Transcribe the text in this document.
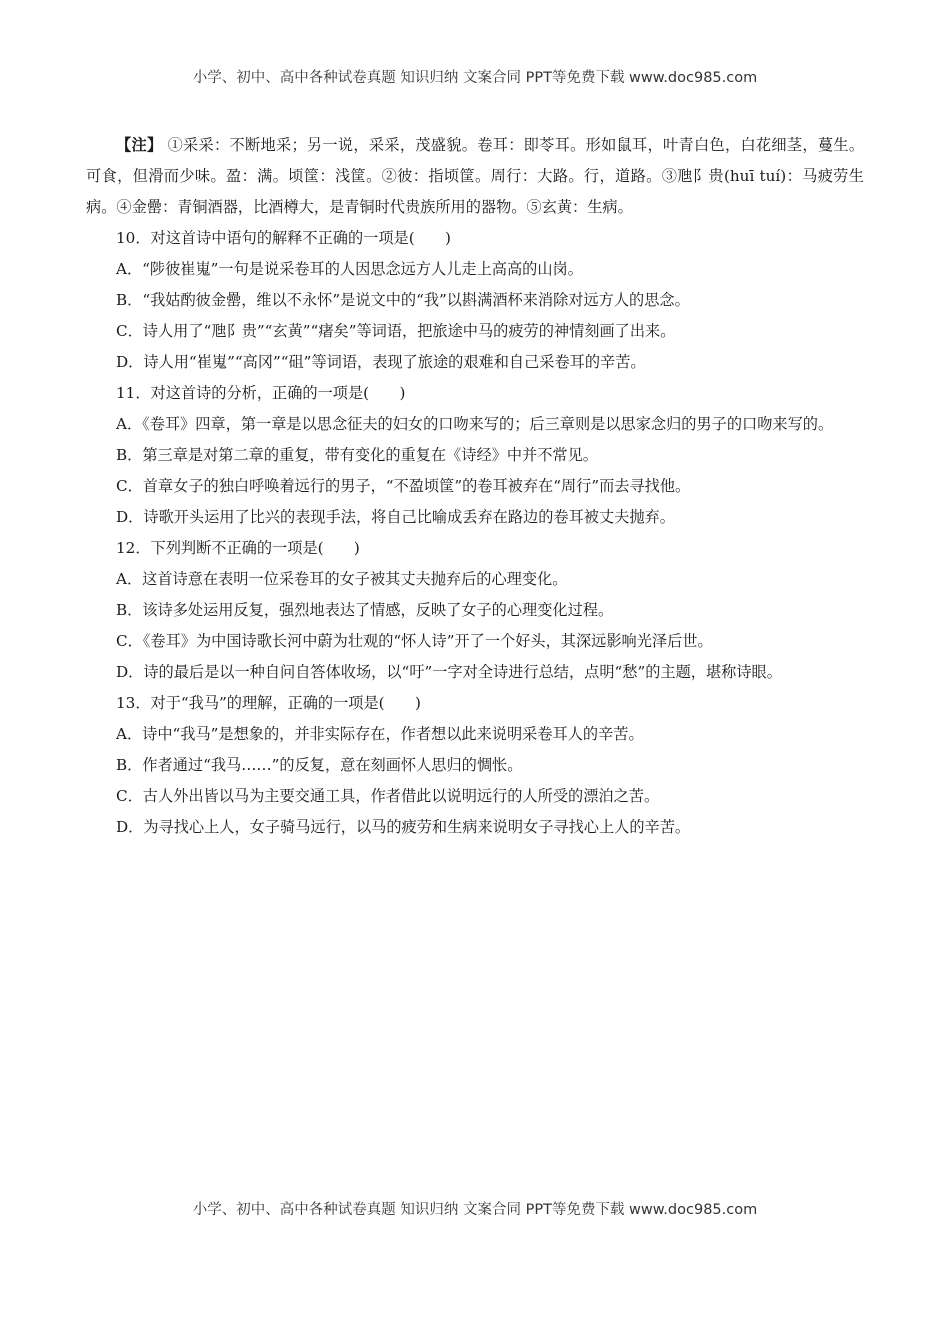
小学、初中、高中各种试卷真题 知识归纳 文案合同 PPT等免费下载 www.doc985.com

【注】 ①采采：不断地采；另一说，采采，茂盛貌。卷耳：即苓耳。形如鼠耳，叶青白色，白花细茎，蔓生。可食，但滑而少味。盈：满。顷筐：浅筐。②彼：指顷筐。周行：大路。行，道路。③虺阝贵(huī tuí)：马疲劳生病。④金罍：青铜酒器，比酒樽大，是青铜时代贵族所用的器物。⑤玄黄：生病。

10．对这首诗中语句的解释不正确的一项是(　　)

A．“陟彼崔嵬”一句是说采卷耳的人因思念远方人儿走上高高的山岗。

B．“我姑酌彼金罍，维以不永怀”是说文中的“我”以斟满酒杯来消除对远方人的思念。

C．诗人用了“虺阝贵”“玄黄”“瘏矣”等词语，把旅途中马的疲劳的神情刻画了出来。

D．诗人用“崔嵬”“高冈”“砠”等词语，表现了旅途的艰难和自己采卷耳的辛苦。

11．对这首诗的分析，正确的一项是(　　)

A．《卷耳》四章，第一章是以思念征夫的妇女的口吻来写的；后三章则是以思家念归的男子的口吻来写的。

B．第三章是对第二章的重复，带有变化的重复在《诗经》中并不常见。

C．首章女子的独白呼唤着远行的男子，“不盈顷筐”的卷耳被弃在“周行”而去寻找他。

D．诗歌开头运用了比兴的表现手法，将自己比喻成丢弃在路边的卷耳被丈夫抛弃。

12．下列判断不正确的一项是(　　)

A．这首诗意在表明一位采卷耳的女子被其丈夫抛弃后的心理变化。

B．该诗多处运用反复，强烈地表达了情感，反映了女子的心理变化过程。

C．《卷耳》为中国诗歌长河中蔚为壮观的“怀人诗”开了一个好头，其深远影响光泽后世。

D．诗的最后是以一种自问自答体收场，以“吁”一字对全诗进行总结，点明“愁”的主题，堪称诗眼。

13．对于“我马”的理解，正确的一项是(　　)

A．诗中“我马”是想象的，并非实际存在，作者想以此来说明采卷耳人的辛苦。

B．作者通过“我马……”的反复，意在刻画怀人思归的惆怅。

C．古人外出皆以马为主要交通工具，作者借此以说明远行的人所受的漂泊之苦。

D．为寻找心上人，女子骑马远行，以马的疲劳和生病来说明女子寻找心上人的辛苦。

小学、初中、高中各种试卷真题 知识归纳 文案合同 PPT等免费下载 www.doc985.com
